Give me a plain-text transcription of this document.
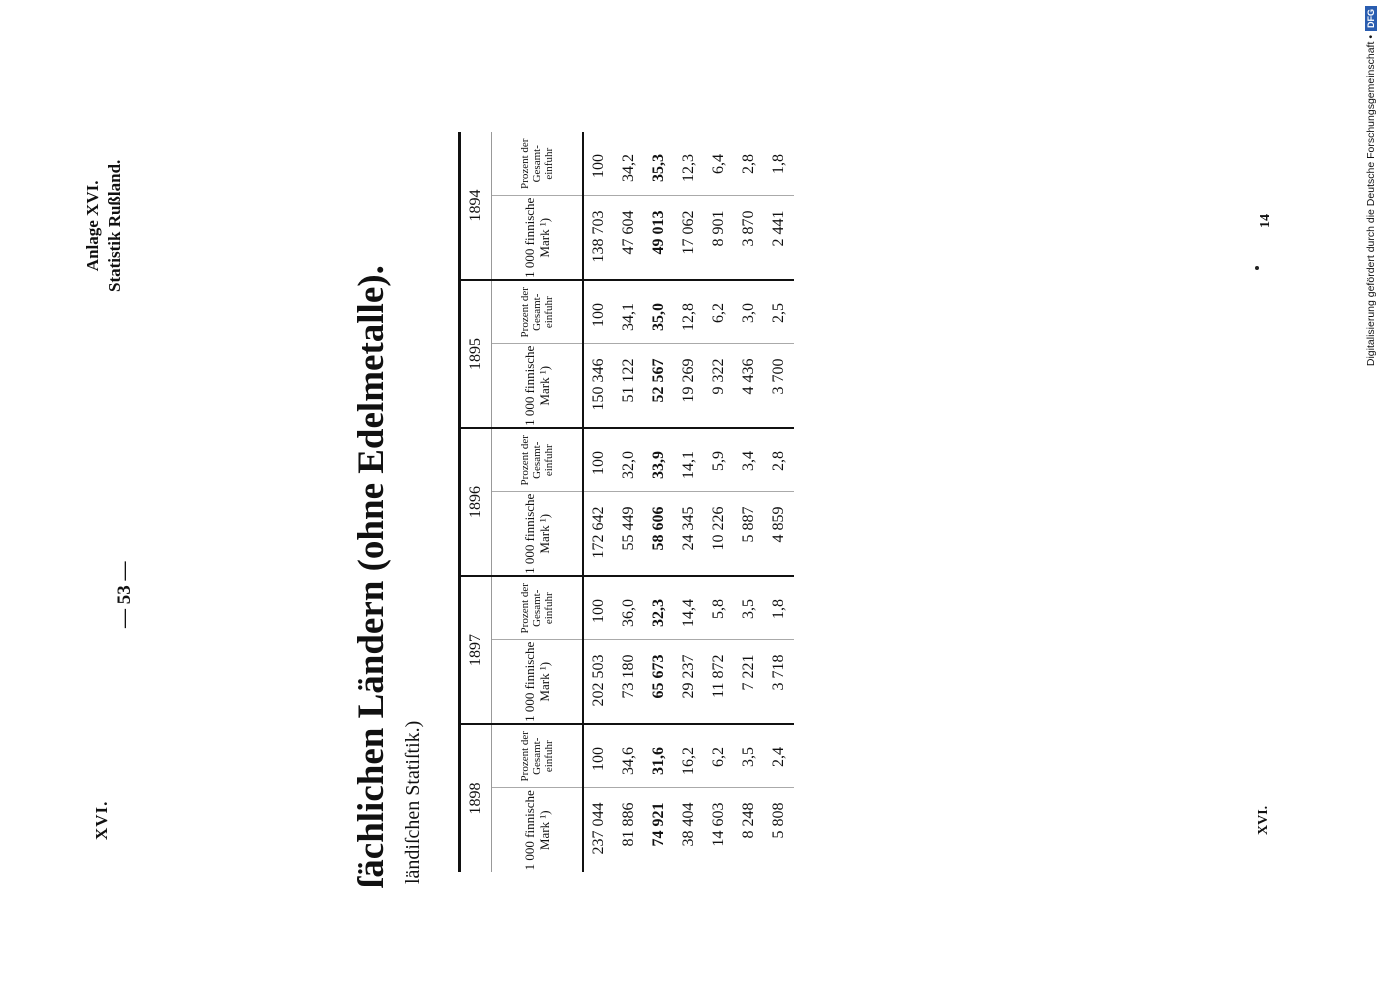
XVI.
— 53 —
Anlage XVI. Statistik Rußland.
ſächlichen Ländern (ohne Edelmetalle). ländiſchen Statiſtik.)	1898		1897		1896		1895		1894	
1 000 finnische Mark ¹)	Prozent der Gesamt-einfuhr	1 000 finnische Mark ¹)	Prozent der Gesamt-einfuhr	1 000 finnische Mark ¹)	Prozent der Gesamt-einfuhr	1 000 finnische Mark ¹)	Prozent der Gesamt-einfuhr	1 000 finnische Mark ¹)	Prozent der Gesamt-einfuhr
237 044	100	202 503	100	172 642	100	150 346	100	138 703	100
81 886	34,6	73 180	36,0	55 449	32,0	51 122	34,1	47 604	34,2
74 921	31,6	65 673	32,3	58 606	33,9	52 567	35,0	49 013	35,3
38 404	16,2	29 237	14,4	24 345	14,1	19 269	12,8	17 062	12,3
14 603	6,2	11 872	5,8	10 226	5,9	9 322	6,2	8 901	6,4
8 248	3,5	7 221	3,5	5 887	3,4	4 436	3,0	3 870	2,8
5 808	2,4	3 718	1,8	4 859	2,8	3 700	2,5	2 441	1,8
XVI.
14	Digitalisierung gefördert durch die Deutsche Forschungsgemeinschaft •
DFG
